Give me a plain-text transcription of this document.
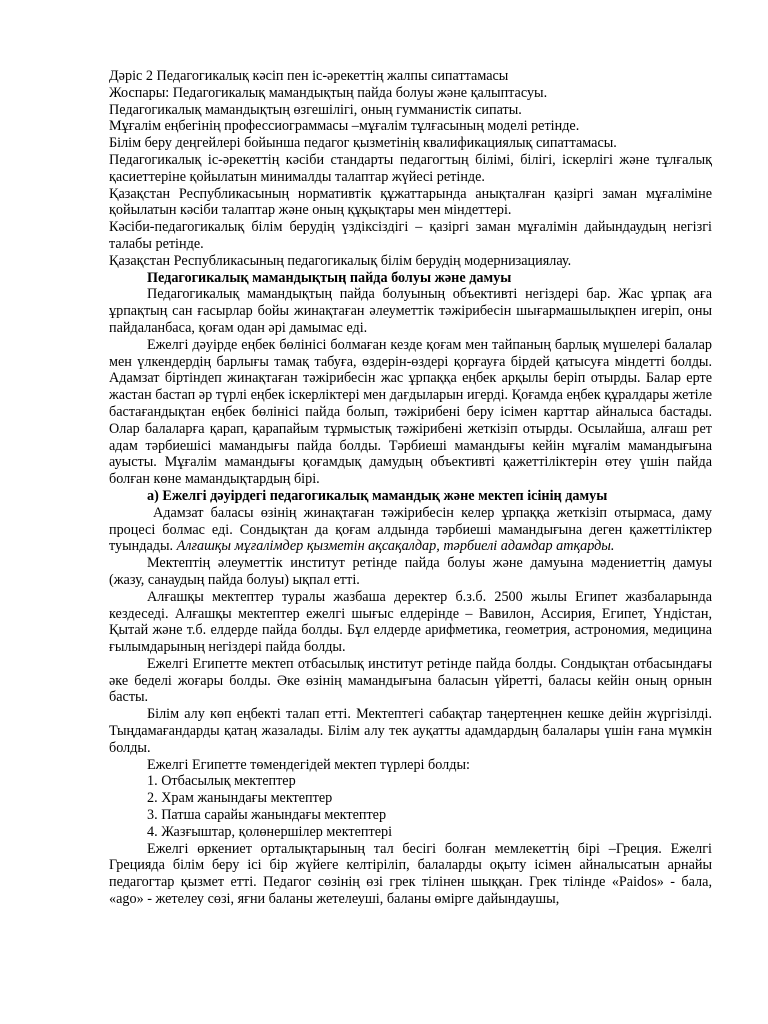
Дәріс 2 Педагогикалық кәсіп пен іс-әрекеттің жалпы сипаттамасы

Жоспары: Педагогикалық мамандықтың пайда болуы және қалыптасуы.

Педагогикалық мамандықтың өзгешілігі, оның гумманистік сипаты.

Мұғалім еңбегінің профессиограммасы –мұғалім тұлғасының моделі ретінде.

Білім беру деңгейлері бойынша педагог қызметінің квалификациялық сипаттамасы.

Педагогикалық іс-әрекеттің кәсіби стандарты педагогтың білімі, білігі, іскерлігі және тұлғалық қасиеттеріне қойылатын минималды талаптар жүйесі ретінде.

Қазақстан Республикасының нормативтік құжаттарында анықталған қазіргі заман мұғаліміне қойылатын кәсіби талаптар және оның құқықтары мен міндеттері.

Кәсіби-педагогикалық білім берудің үздіксіздігі – қазіргі заман мұғалімін дайындаудың негізгі талабы ретінде.

Қазақстан Республикасының педагогикалық білім берудің модернизациялау.

Педагогикалық мамандықтың пайда болуы және дамуы

Педагогикалық мамандықтың пайда болуының объективті негіздері бар. Жас ұрпақ аға ұрпақтың сан ғасырлар бойы жинақтаған әлеуметтік тәжірибесін шығармашылықпен игеріп, оны пайдаланбаса, қоғам одан әрі дамымас еді.

Ежелгі дәуірде еңбек бөлінісі болмаған кезде қоғам мен тайпаның барлық мүшелері балалар мен үлкендердің барлығы тамақ табуға, өздерін-өздері қорғауға бірдей қатысуға міндетті болды. Адамзат біртіндеп жинақтаған тәжірибесін жас ұрпаққа еңбек арқылы беріп отырды. Балар ерте жастан бастап әр түрлі еңбек іскерліктері мен дағдыларын игерді. Қоғамда еңбек құралдары жетіле бастағандықтан еңбек бөлінісі пайда болып, тәжірибені беру ісімен карттар айналыса бастады. Олар балаларға қарап, қарапайым тұрмыстық тәжірибені жеткізіп отырды. Осылайша, алғаш рет адам тәрбиешісі мамандығы пайда болды. Тәрбиеші мамандығы кейін мұғалім мамандығына ауысты. Мұғалім мамандығы қоғамдық дамудың объективті қажеттіліктерін өтеу үшін пайда болған көне мамандықтардың бірі.

а) Ежелгі дәуірдегі педагогикалық мамандық және мектеп ісінің дамуы

Адамзат баласы өзінің жинақтаған тәжірибесін келер ұрпаққа жеткізіп отырмаса, даму процесі болмас еді. Сондықтан да қоғам алдында тәрбиеші мамандығына деген қажеттіліктер туындады. Алғашқы мұғалімдер қызметін ақсақалдар, тәрбиелі адамдар атқарды.

Мектептің әлеуметтік институт ретінде пайда болуы және дамуына мәдениеттің дамуы (жазу, санаудың пайда болуы) ықпал етті.

Алғашқы мектептер туралы жазбаша деректер б.з.б. 2500 жылы Египет жазбаларында кездеседі. Алғашқы мектептер ежелгі шығыс елдерінде – Вавилон, Ассирия, Египет, Үндістан, Қытай және т.б. елдерде пайда болды. Бұл елдерде арифметика, геометрия, астрономия, медицина ғылымдарының негіздері пайда болды.

Ежелгі Египетте мектеп отбасылық институт ретінде пайда болды. Сондықтан отбасындағы әке беделі жоғары болды. Әке өзінің мамандығына баласын үйретті, баласы кейін оның орнын басты.

Білім алу көп еңбекті талап етті. Мектептегі сабақтар таңертеңнен кешке дейін жүргізілді. Тыңдамағандарды қатаң жазалады. Білім алу тек ауқатты адамдардың балалары үшін ғана мүмкін болды.

Ежелгі Египетте төмендегідей мектеп түрлері болды:

1. Отбасылық мектептер

2. Храм жанындағы мектептер

3. Патша сарайы жанындағы мектептер

4. Жазғыштар, қолөнершілер мектептері

Ежелгі өркениет орталықтарының тал бесігі болған мемлекеттің бірі –Греция. Ежелгі Грецияда білім беру ісі бір жүйеге келтіріліп, балаларды оқыту ісімен айналысатын арнайы педагогтар қызмет етті. Педагог сөзінің өзі грек тілінен шыққан. Грек тілінде «Paidos» - бала, «ago» - жетелеу сөзі, яғни баланы жетелеуші, баланы өмірге дайындаушы,
